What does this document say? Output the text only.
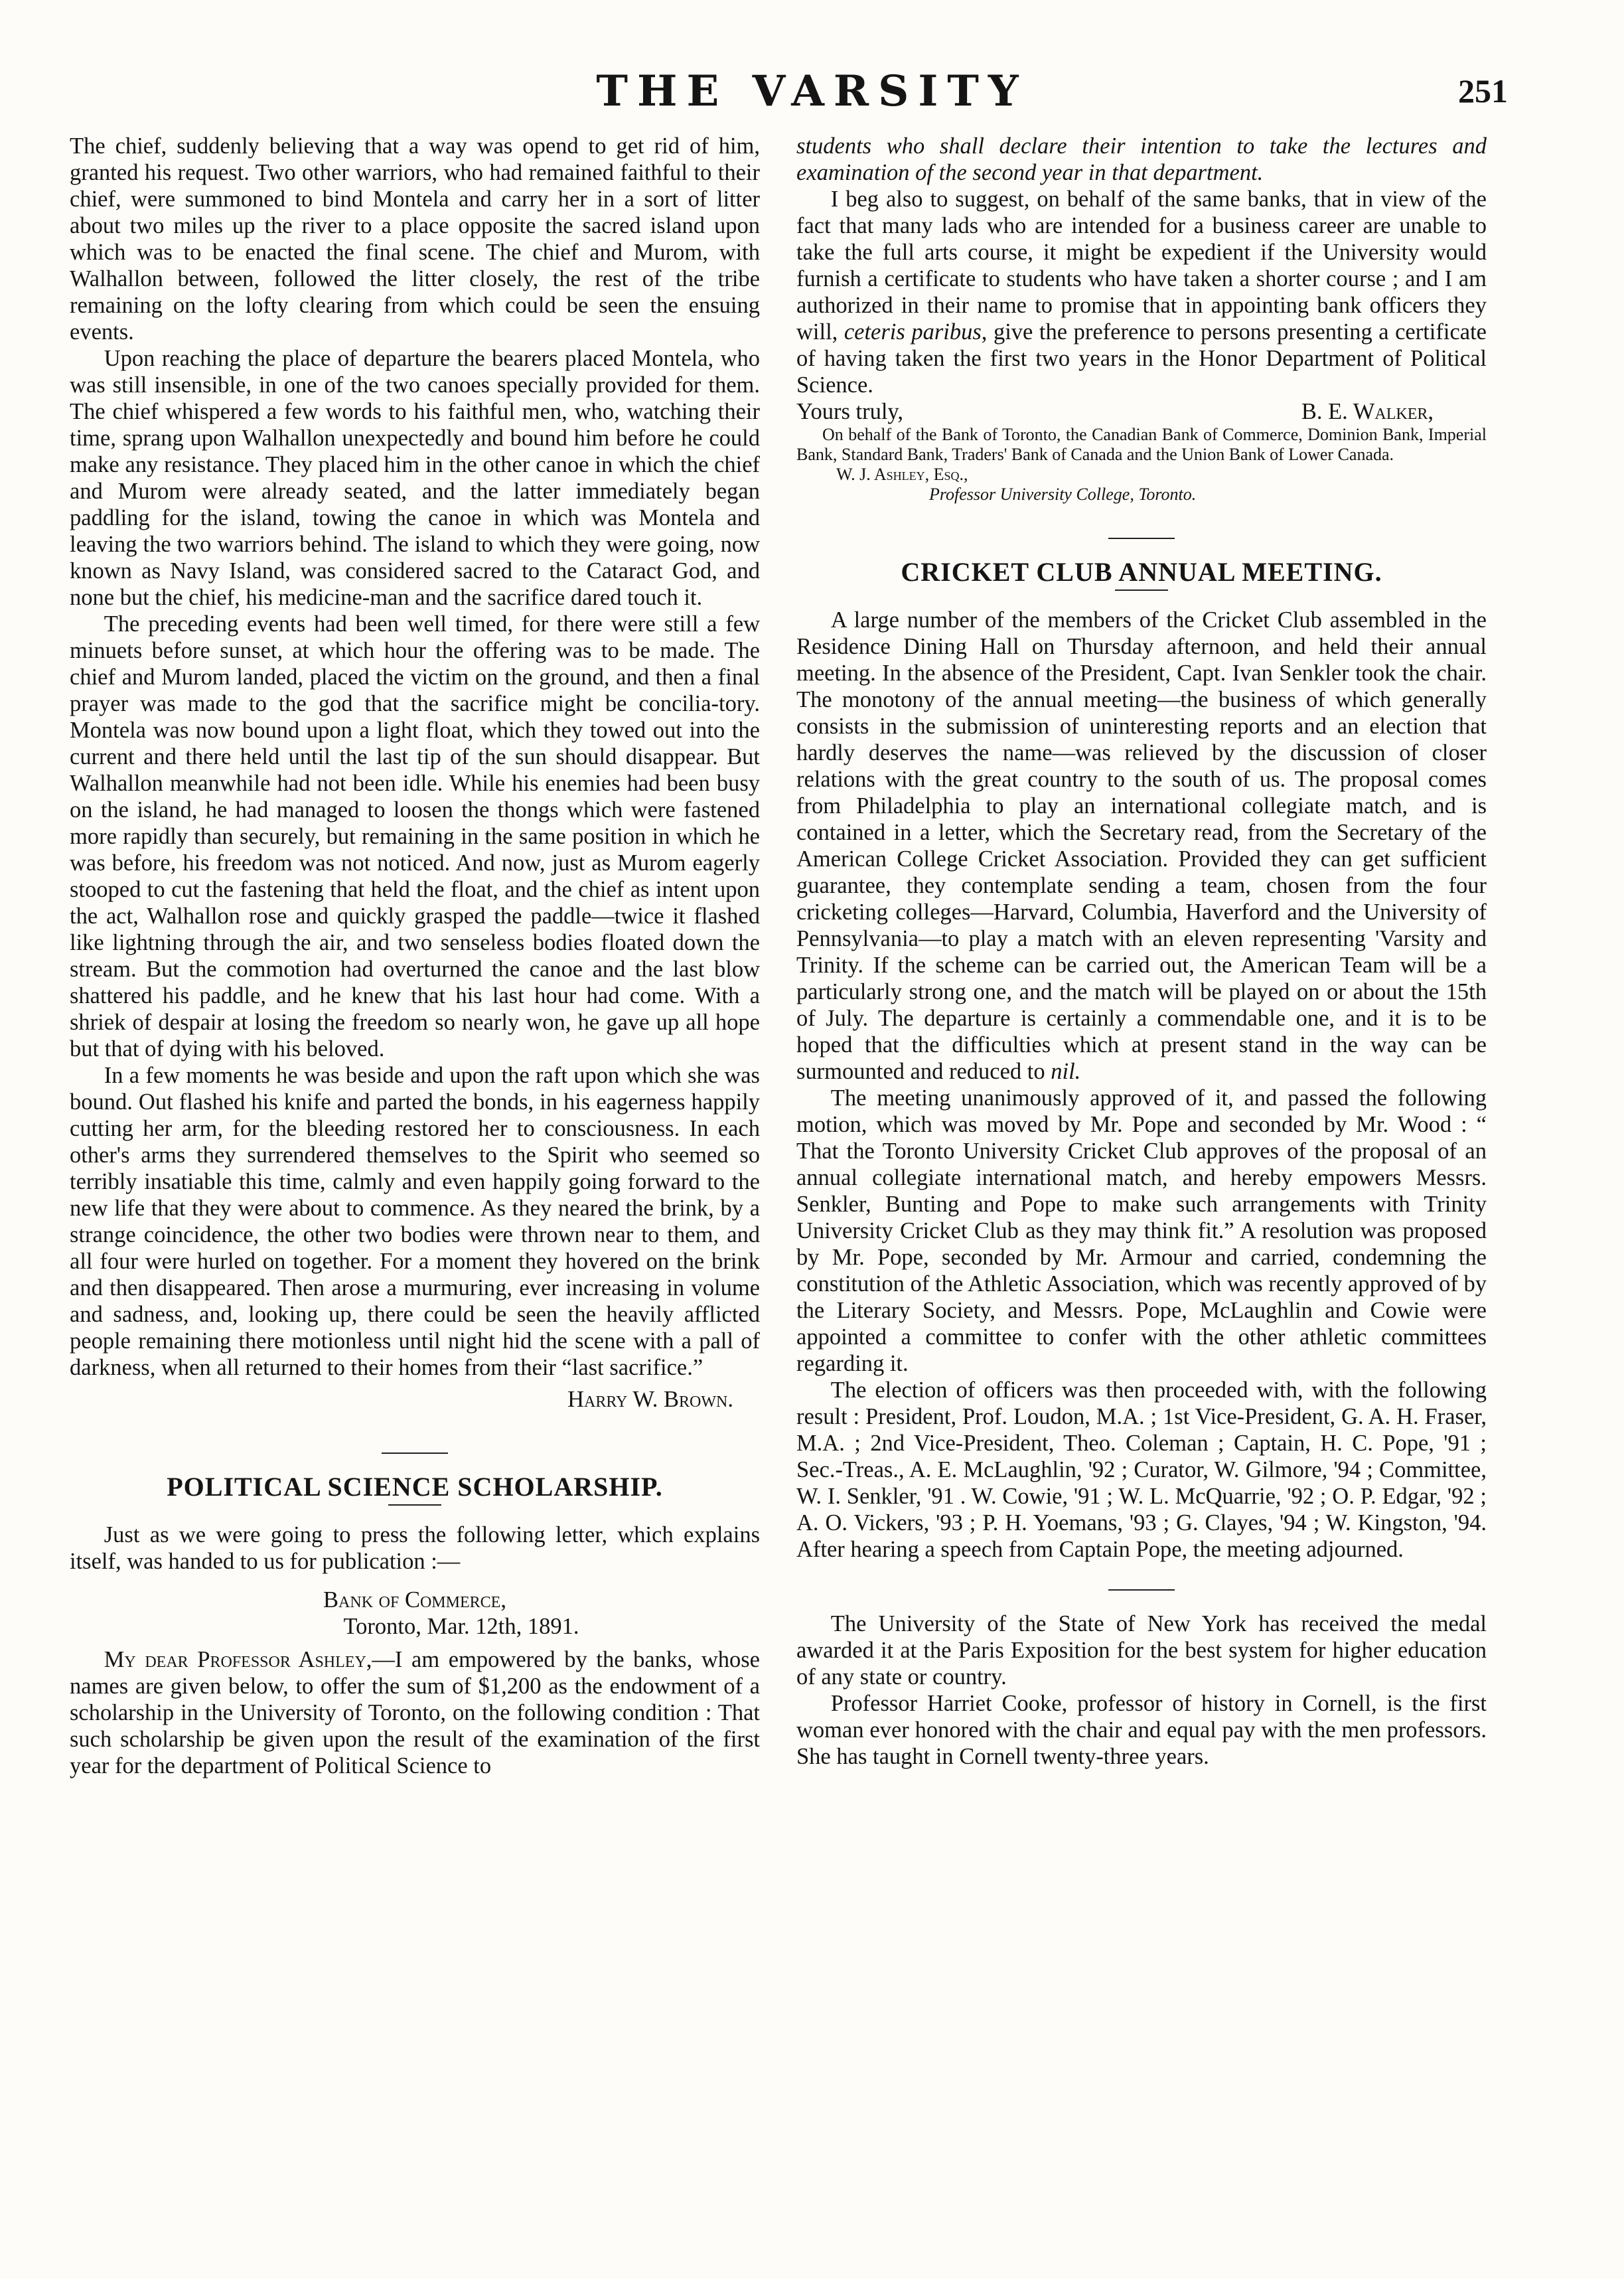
THE VARSITY	251

The chief, suddenly believing that a way was opend to get rid of him, granted his request. Two other warriors, who had remained faithful to their chief, were summoned to bind Montela and carry her in a sort of litter about two miles up the river to a place opposite the sacred island upon which was to be enacted the final scene. The chief and Murom, with Walhallon between, followed the litter closely, the rest of the tribe remaining on the lofty clearing from which could be seen the ensuing events.

Upon reaching the place of departure the bearers placed Montela, who was still insensible, in one of the two canoes specially provided for them. The chief whispered a few words to his faithful men, who, watching their time, sprang upon Walhallon unexpectedly and bound him before he could make any resistance. They placed him in the other canoe in which the chief and Murom were already seated, and the latter immediately began paddling for the island, towing the canoe in which was Montela and leaving the two warriors behind. The island to which they were going, now known as Navy Island, was considered sacred to the Cataract God, and none but the chief, his medicine-man and the sacrifice dared touch it.

The preceding events had been well timed, for there were still a few minuets before sunset, at which hour the offering was to be made. The chief and Murom landed, placed the victim on the ground, and then a final prayer was made to the god that the sacrifice might be concilia-tory. Montela was now bound upon a light float, which they towed out into the current and there held until the last tip of the sun should disappear. But Walhallon meanwhile had not been idle. While his enemies had been busy on the island, he had managed to loosen the thongs which were fastened more rapidly than securely, but remaining in the same position in which he was before, his freedom was not noticed. And now, just as Murom eagerly stooped to cut the fastening that held the float, and the chief as intent upon the act, Walhallon rose and quickly grasped the paddle—twice it flashed like lightning through the air, and two senseless bodies floated down the stream. But the commotion had overturned the canoe and the last blow shattered his paddle, and he knew that his last hour had come. With a shriek of despair at losing the freedom so nearly won, he gave up all hope but that of dying with his beloved.

In a few moments he was beside and upon the raft upon which she was bound. Out flashed his knife and parted the bonds, in his eagerness happily cutting her arm, for the bleeding restored her to consciousness. In each other's arms they surrendered themselves to the Spirit who seemed so terribly insatiable this time, calmly and even happily going forward to the new life that they were about to commence. As they neared the brink, by a strange coincidence, the other two bodies were thrown near to them, and all four were hurled on together. For a moment they hovered on the brink and then disappeared. Then arose a murmuring, ever increasing in volume and sadness, and, looking up, there could be seen the heavily afflicted people remaining there motionless until night hid the scene with a pall of darkness, when all returned to their homes from their “last sacrifice.”

Harry W. Brown.
POLITICAL SCIENCE SCHOLARSHIP.

Just as we were going to press the following letter, which explains itself, was handed to us for publication :—

Bank of Commerce,
Toronto, Mar. 12th, 1891.

My dear Professor Ashley,—I am empowered by the banks, whose names are given below, to offer the sum of $1,200 as the endowment of a scholarship in the University of Toronto, on the following condition : That such scholarship be given upon the result of the examination of the first year for the department of Political Science to

students who shall declare their intention to take the lectures and examination of the second year in that department.

I beg also to suggest, on behalf of the same banks, that in view of the fact that many lads who are intended for a business career are unable to take the full arts course, it might be expedient if the University would furnish a certificate to students who have taken a shorter course ; and I am authorized in their name to promise that in appointing bank officers they will, ceteris paribus, give the preference to persons presenting a certificate of having taken the first two years in the Honor Department of Political Science.

Yours truly,	B. E. Walker,

On behalf of the Bank of Toronto, the Canadian Bank of Commerce, Dominion Bank, Imperial Bank, Standard Bank, Traders' Bank of Canada and the Union Bank of Lower Canada.

W. J. Ashley, Esq.,
Professor University College, Toronto.
CRICKET CLUB ANNUAL MEETING.

A large number of the members of the Cricket Club assembled in the Residence Dining Hall on Thursday afternoon, and held their annual meeting. In the absence of the President, Capt. Ivan Senkler took the chair. The monotony of the annual meeting—the business of which generally consists in the submission of uninteresting reports and an election that hardly deserves the name—was relieved by the discussion of closer relations with the great country to the south of us. The proposal comes from Philadelphia to play an international collegiate match, and is contained in a letter, which the Secretary read, from the Secretary of the American College Cricket Association. Provided they can get sufficient guarantee, they contemplate sending a team, chosen from the four cricketing colleges—Harvard, Columbia, Haverford and the University of Pennsylvania—to play a match with an eleven representing 'Varsity and Trinity. If the scheme can be carried out, the American Team will be a particularly strong one, and the match will be played on or about the 15th of July. The departure is certainly a commendable one, and it is to be hoped that the difficulties which at present stand in the way can be surmounted and reduced to nil.

The meeting unanimously approved of it, and passed the following motion, which was moved by Mr. Pope and seconded by Mr. Wood : “ That the Toronto University Cricket Club approves of the proposal of an annual collegiate international match, and hereby empowers Messrs. Senkler, Bunting and Pope to make such arrangements with Trinity University Cricket Club as they may think fit.” A resolution was proposed by Mr. Pope, seconded by Mr. Armour and carried, condemning the constitution of the Athletic Association, which was recently approved of by the Literary Society, and Messrs. Pope, McLaughlin and Cowie were appointed a committee to confer with the other athletic committees regarding it.

The election of officers was then proceeded with, with the following result : President, Prof. Loudon, M.A. ; 1st Vice-President, G. A. H. Fraser, M.A. ; 2nd Vice-President, Theo. Coleman ; Captain, H. C. Pope, '91 ; Sec.-Treas., A. E. McLaughlin, '92 ; Curator, W. Gilmore, '94 ; Committee, W. I. Senkler, '91 . W. Cowie, '91 ; W. L. McQuarrie, '92 ; O. P. Edgar, '92 ; A. O. Vickers, '93 ; P. H. Yoemans, '93 ; G. Clayes, '94 ; W. Kingston, '94. After hearing a speech from Captain Pope, the meeting adjourned.

The University of the State of New York has received the medal awarded it at the Paris Exposition for the best system for higher education of any state or country.

Professor Harriet Cooke, professor of history in Cornell, is the first woman ever honored with the chair and equal pay with the men professors. She has taught in Cornell twenty-three years.
